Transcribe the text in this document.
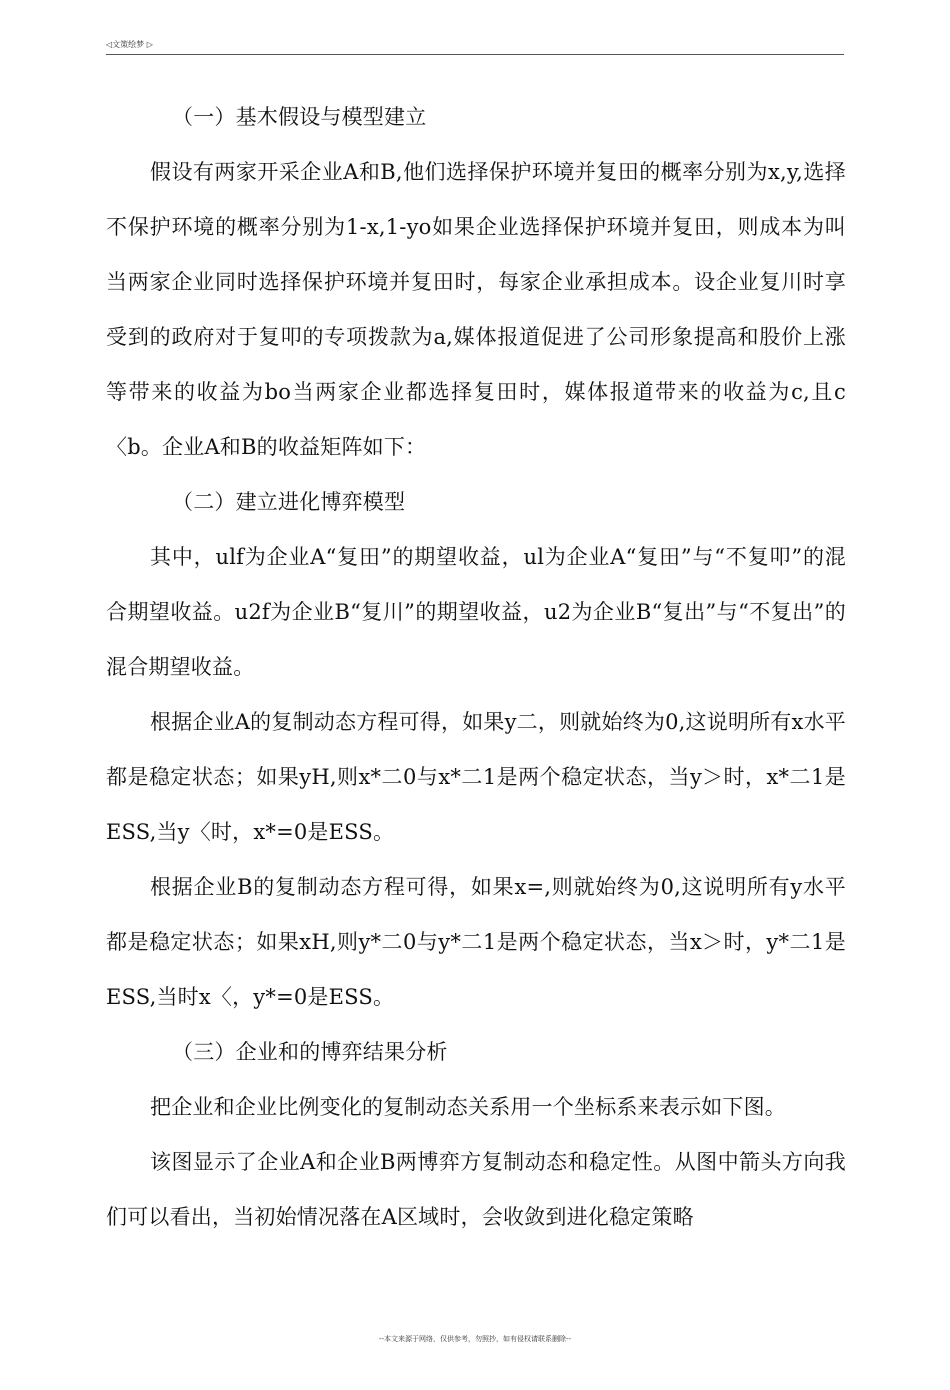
◁文策绘梦 ▷

（一）基木假设与模型建立

假设有两家开采企业A和B,他们选择保护环境并复田的概率分别为x,y,选择不保护环境的概率分别为1-x,1-yo如果企业选择保护环境并复田，则成本为叫当两家企业同时选择保护环境并复田时，每家企业承担成本。设企业复川时享受到的政府对于复叩的专项拨款为a,媒体报道促进了公司形象提高和股价上涨等带来的收益为bo当两家企业都选择复田时，媒体报道带来的收益为c,且c〈b。企业A和B的收益矩阵如下：

（二）建立进化博弈模型

其中，ulf为企业A“复田”的期望收益，ul为企业A“复田”与“不复叩”的混合期望收益。u2f为企业B“复川”的期望收益，u2为企业B“复出”与“不复出”的混合期望收益。

根据企业A的复制动态方程可得，如果y二，则就始终为0,这说明所有x水平都是稳定状态；如果yH,则x*二0与x*二1是两个稳定状态，当y＞时，x*二1是ESS,当y〈时，x*=0是ESS。

根据企业B的复制动态方程可得，如果x=,则就始终为0,这说明所有y水平都是稳定状态；如果xH,则y*二0与y*二1是两个稳定状态，当x＞时，y*二1是ESS,当时x〈，y*=0是ESS。

（三）企业和的博弈结果分析

把企业和企业比例变化的复制动态关系用一个坐标系来表示如下图。

该图显示了企业A和企业B两博弈方复制动态和稳定性。从图中箭头方向我们可以看出，当初始情况落在A区域时，会收敛到进化稳定策略

--本文来源于网络，仅供参考，勿照抄，如有侵权请联系删除--
